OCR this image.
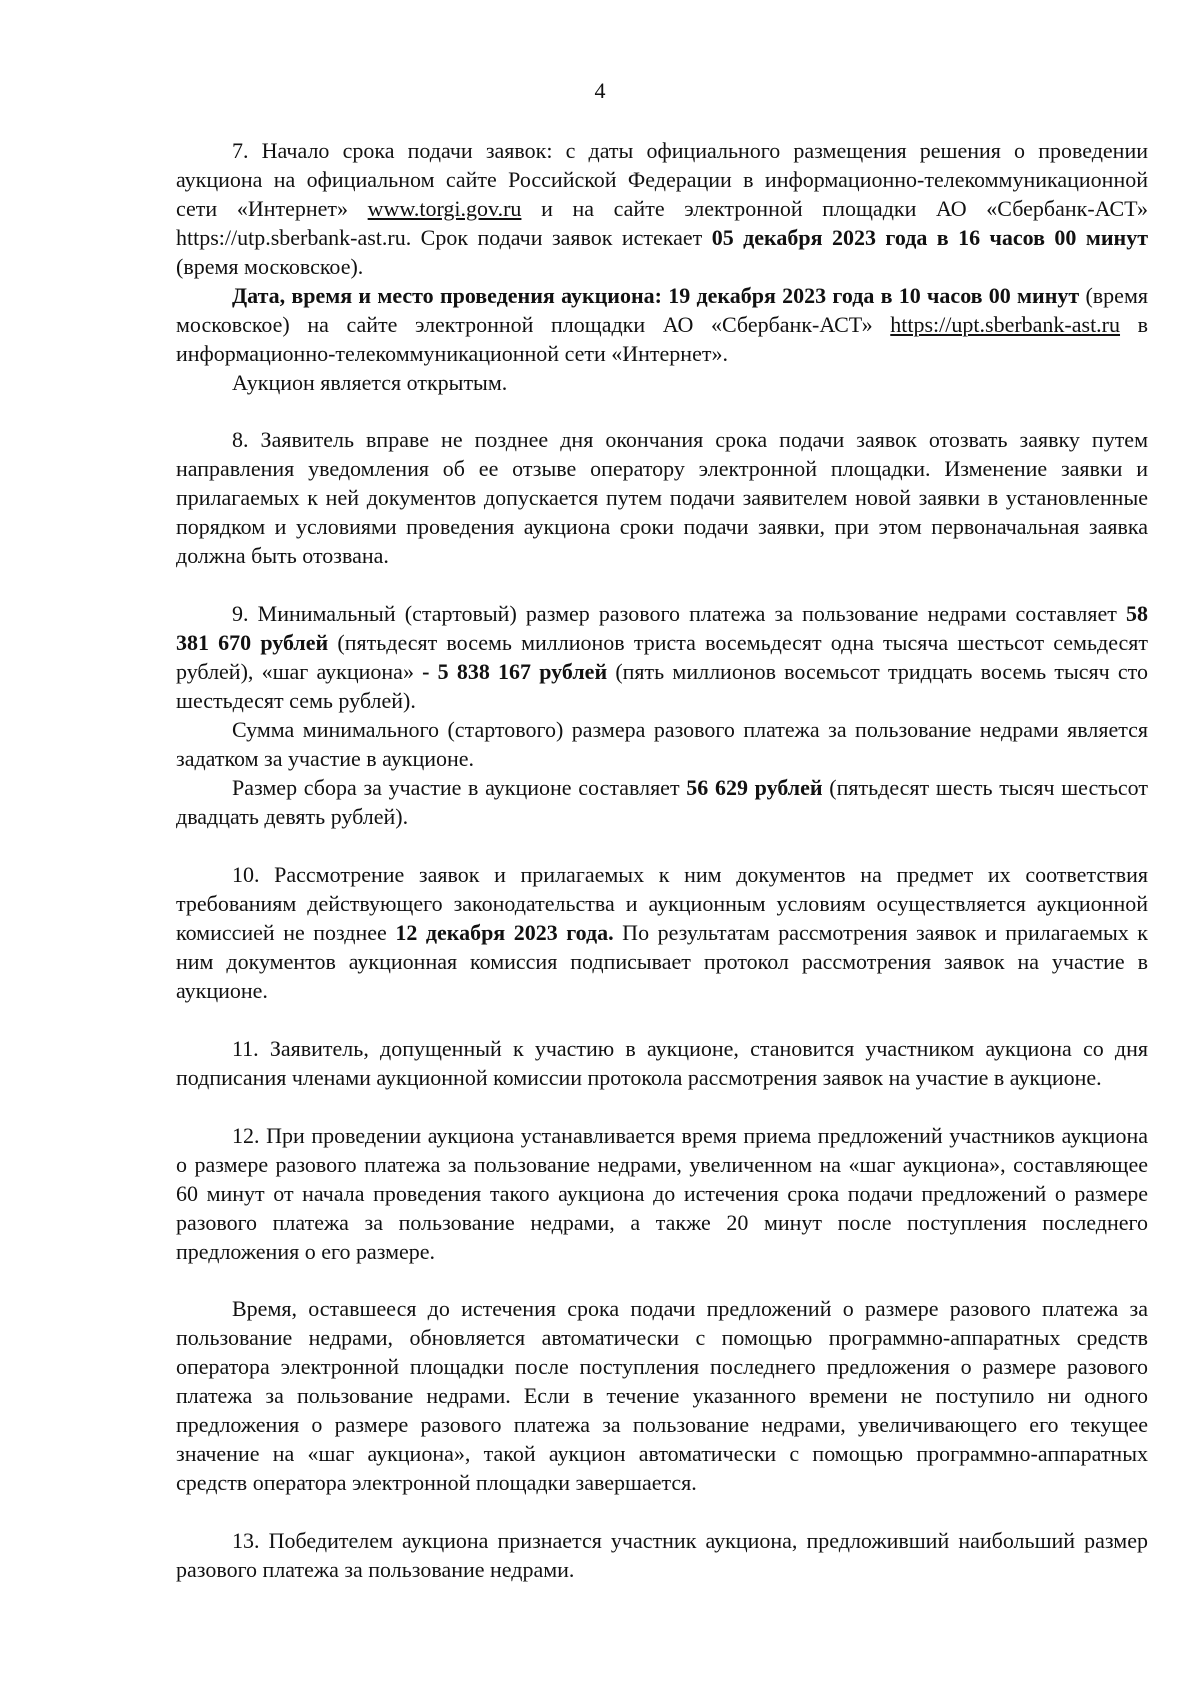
4

7. Начало срока подачи заявок: с даты официального размещения решения о проведении аукциона на официальном сайте Российской Федерации в информационно-телекоммуникационной сети «Интернет» www.torgi.gov.ru и на сайте электронной площадки АО «Сбербанк-АСТ» https://utp.sberbank-ast.ru. Срок подачи заявок истекает 05 декабря 2023 года в 16 часов 00 минут (время московское).

Дата, время и место проведения аукциона: 19 декабря 2023 года в 10 часов 00 минут (время московское) на сайте электронной площадки АО «Сбербанк-АСТ» https://upt.sberbank-ast.ru в информационно-телекоммуникационной сети «Интернет».

Аукцион является открытым.

8. Заявитель вправе не позднее дня окончания срока подачи заявок отозвать заявку путем направления уведомления об ее отзыве оператору электронной площадки. Изменение заявки и прилагаемых к ней документов допускается путем подачи заявителем новой заявки в установленные порядком и условиями проведения аукциона сроки подачи заявки, при этом первоначальная заявка должна быть отозвана.

9. Минимальный (стартовый) размер разового платежа за пользование недрами составляет 58 381 670 рублей (пятьдесят восемь миллионов триста восемьдесят одна тысяча шестьсот семьдесят рублей), «шаг аукциона» - 5 838 167 рублей (пять миллионов восемьсот тридцать восемь тысяч сто шестьдесят семь рублей).

Сумма минимального (стартового) размера разового платежа за пользование недрами является задатком за участие в аукционе.

Размер сбора за участие в аукционе составляет 56 629 рублей (пятьдесят шесть тысяч шестьсот двадцать девять рублей).

10. Рассмотрение заявок и прилагаемых к ним документов на предмет их соответствия требованиям действующего законодательства и аукционным условиям осуществляется аукционной комиссией не позднее 12 декабря 2023 года. По результатам рассмотрения заявок и прилагаемых к ним документов аукционная комиссия подписывает протокол рассмотрения заявок на участие в аукционе.

11. Заявитель, допущенный к участию в аукционе, становится участником аукциона со дня подписания членами аукционной комиссии протокола рассмотрения заявок на участие в аукционе.

12. При проведении аукциона устанавливается время приема предложений участников аукциона о размере разового платежа за пользование недрами, увеличенном на «шаг аукциона», составляющее 60 минут от начала проведения такого аукциона до истечения срока подачи предложений о размере разового платежа за пользование недрами, а также 20 минут после поступления последнего предложения о его размере.

Время, оставшееся до истечения срока подачи предложений о размере разового платежа за пользование недрами, обновляется автоматически с помощью программно-аппаратных средств оператора электронной площадки после поступления последнего предложения о размере разового платежа за пользование недрами. Если в течение указанного времени не поступило ни одного предложения о размере разового платежа за пользование недрами, увеличивающего его текущее значение на «шаг аукциона», такой аукцион автоматически с помощью программно-аппаратных средств оператора электронной площадки завершается.

13. Победителем аукциона признается участник аукциона, предложивший наибольший размер разового платежа за пользование недрами.
